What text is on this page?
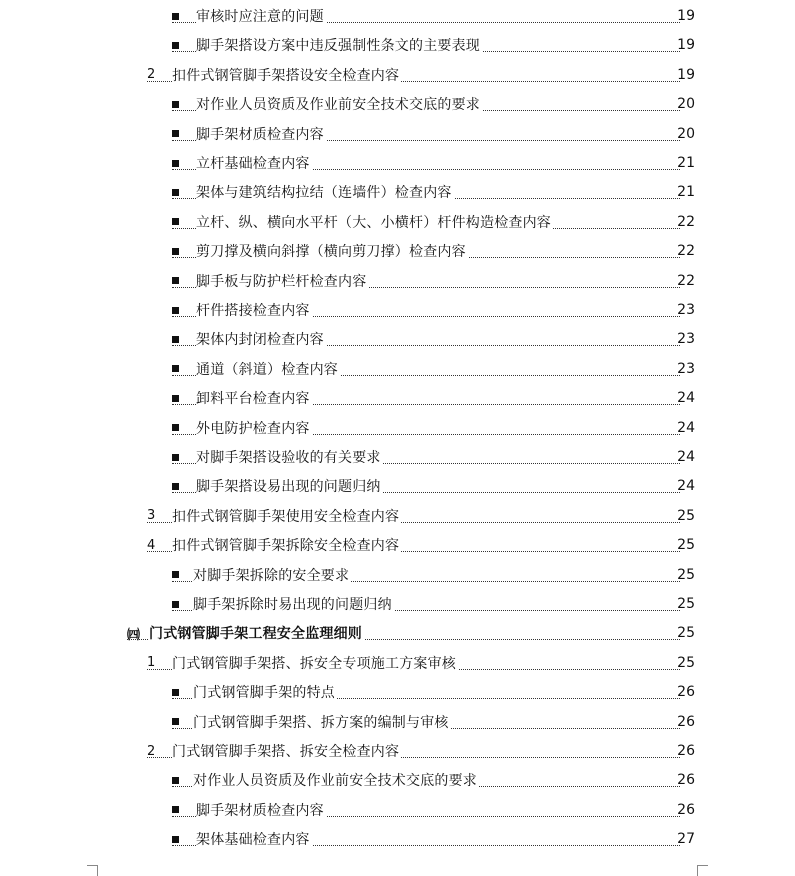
审核时应注意的问题	19
脚手架搭设方案中违反强制性条文的主要表现	19
2	扣件式钢管脚手架搭设安全检查内容	19
对作业人员资质及作业前安全技术交底的要求	20
脚手架材质检查内容	20
立杆基础检查内容	21
架体与建筑结构拉结（连墙件）检查内容	21
立杆、纵、横向水平杆（大、小横杆）杆件构造检查内容	22
剪刀撑及横向斜撑（横向剪刀撑）检查内容	22
脚手板与防护栏杆检查内容	22
杆件搭接检查内容	23
架体内封闭检查内容	23
通道（斜道）检查内容	23
卸料平台检查内容	24
外电防护检查内容	24
对脚手架搭设验收的有关要求	24
脚手架搭设易出现的问题归纳	24
3	扣件式钢管脚手架使用安全检查内容	25
4	扣件式钢管脚手架拆除安全检查内容	25
对脚手架拆除的安全要求	25
脚手架拆除时易出现的问题归纳	25
㈣ 门式钢管脚手架工程安全监理细则	25
1	门式钢管脚手架搭、拆安全专项施工方案审核	25
门式钢管脚手架的特点	26
门式钢管脚手架搭、拆方案的编制与审核	26
2	门式钢管脚手架搭、拆安全检查内容	26
对作业人员资质及作业前安全技术交底的要求	26
脚手架材质检查内容	26
架体基础检查内容	27
